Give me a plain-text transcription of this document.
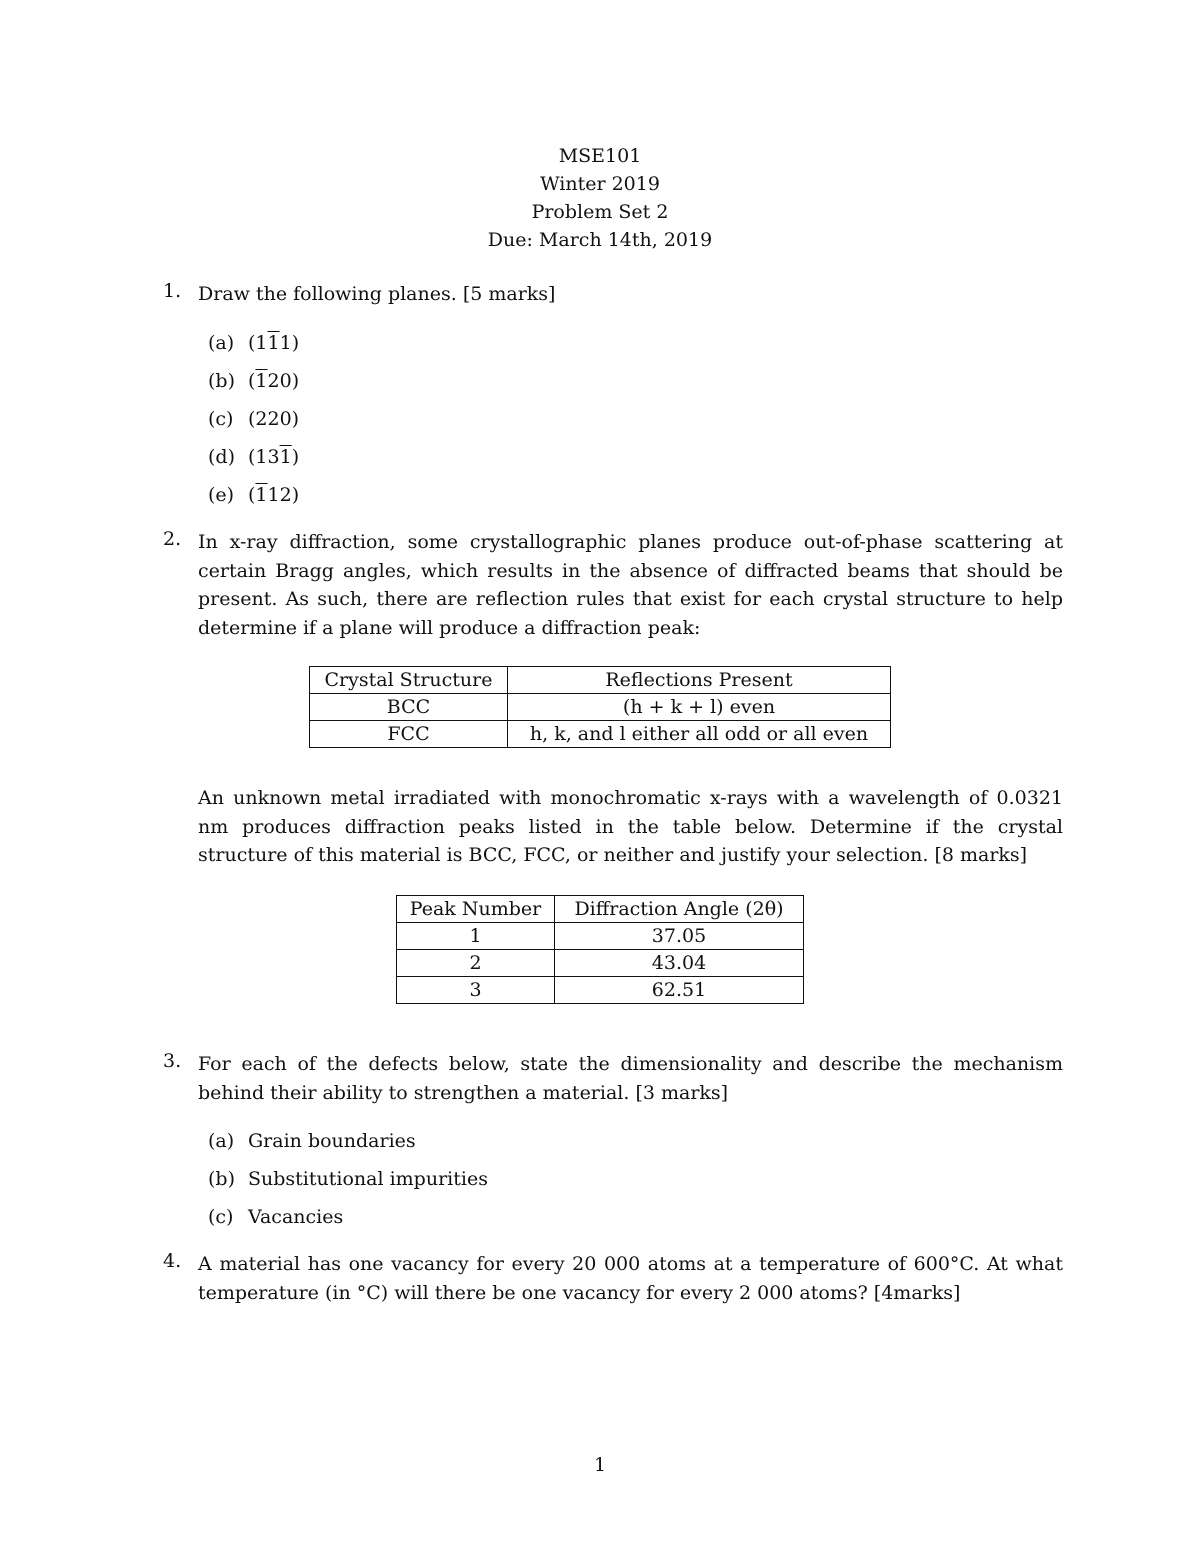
MSE101
Winter 2019
Problem Set 2
Due: March 14th, 2019
1. Draw the following planes. [5 marks]
(a) (111)
(b) (120)
(c) (220)
(d) (131)
(e) (112)
2. In x-ray diffraction, some crystallographic planes produce out-of-phase scattering at certain Bragg angles, which results in the absence of diffracted beams that should be present. As such, there are reflection rules that exist for each crystal structure to help determine if a plane will produce a diffraction peak:
Crystal Structure	Reflections Present
BCC	(h + k + l) even
FCC	h, k, and l either all odd or all even
An unknown metal irradiated with monochromatic x-rays with a wavelength of 0.0321 nm produces diffraction peaks listed in the table below. Determine if the crystal structure of this material is BCC, FCC, or neither and justify your selection. [8 marks]
Peak Number	Diffraction Angle (2θ)
1	37.05
2	43.04
3	62.51
3. For each of the defects below, state the dimensionality and describe the mechanism behind their ability to strengthen a material. [3 marks]
(a) Grain boundaries
(b) Substitutional impurities
(c) Vacancies
4. A material has one vacancy for every 20 000 atoms at a temperature of 600°C. At what temperature (in °C) will there be one vacancy for every 2 000 atoms? [4marks]
1
